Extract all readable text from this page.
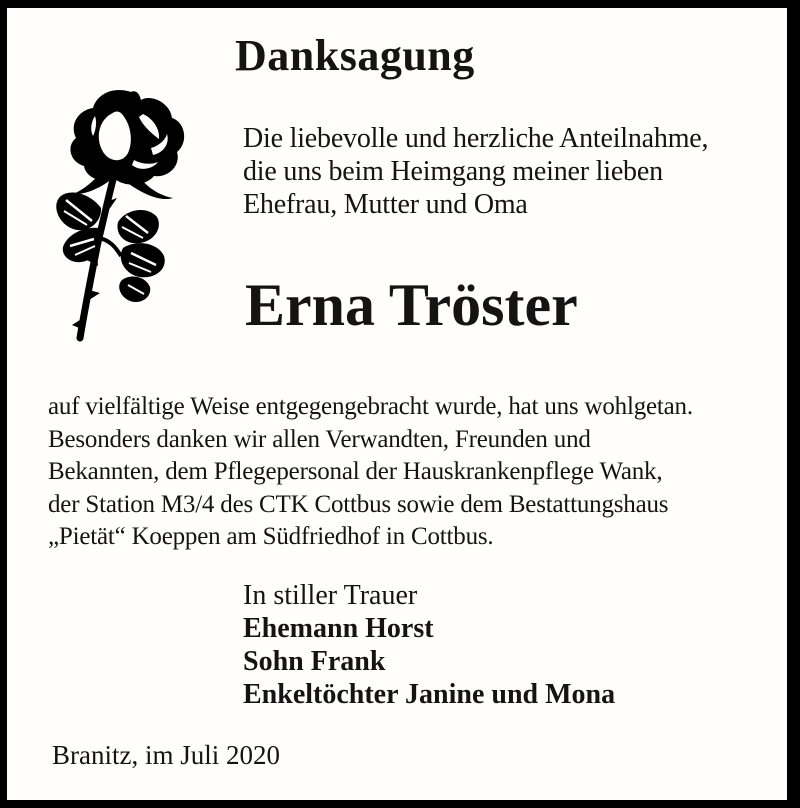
Danksagung
Die liebevolle und herzliche Anteilnahme,
die uns beim Heimgang meiner lieben
Ehefrau, Mutter und Oma
Erna Tröster
auf vielfältige Weise entgegengebracht wurde, hat uns wohlgetan.
Besonders danken wir allen Verwandten, Freunden und
Bekannten, dem Pflegepersonal der Hauskrankenpflege Wank,
der Station M3/4 des CTK Cottbus sowie dem Bestattungshaus
„Pietät“ Koeppen am Südfriedhof in Cottbus.
In stiller Trauer
Ehemann Horst
Sohn Frank
Enkeltöchter Janine und Mona
Branitz, im Juli 2020
